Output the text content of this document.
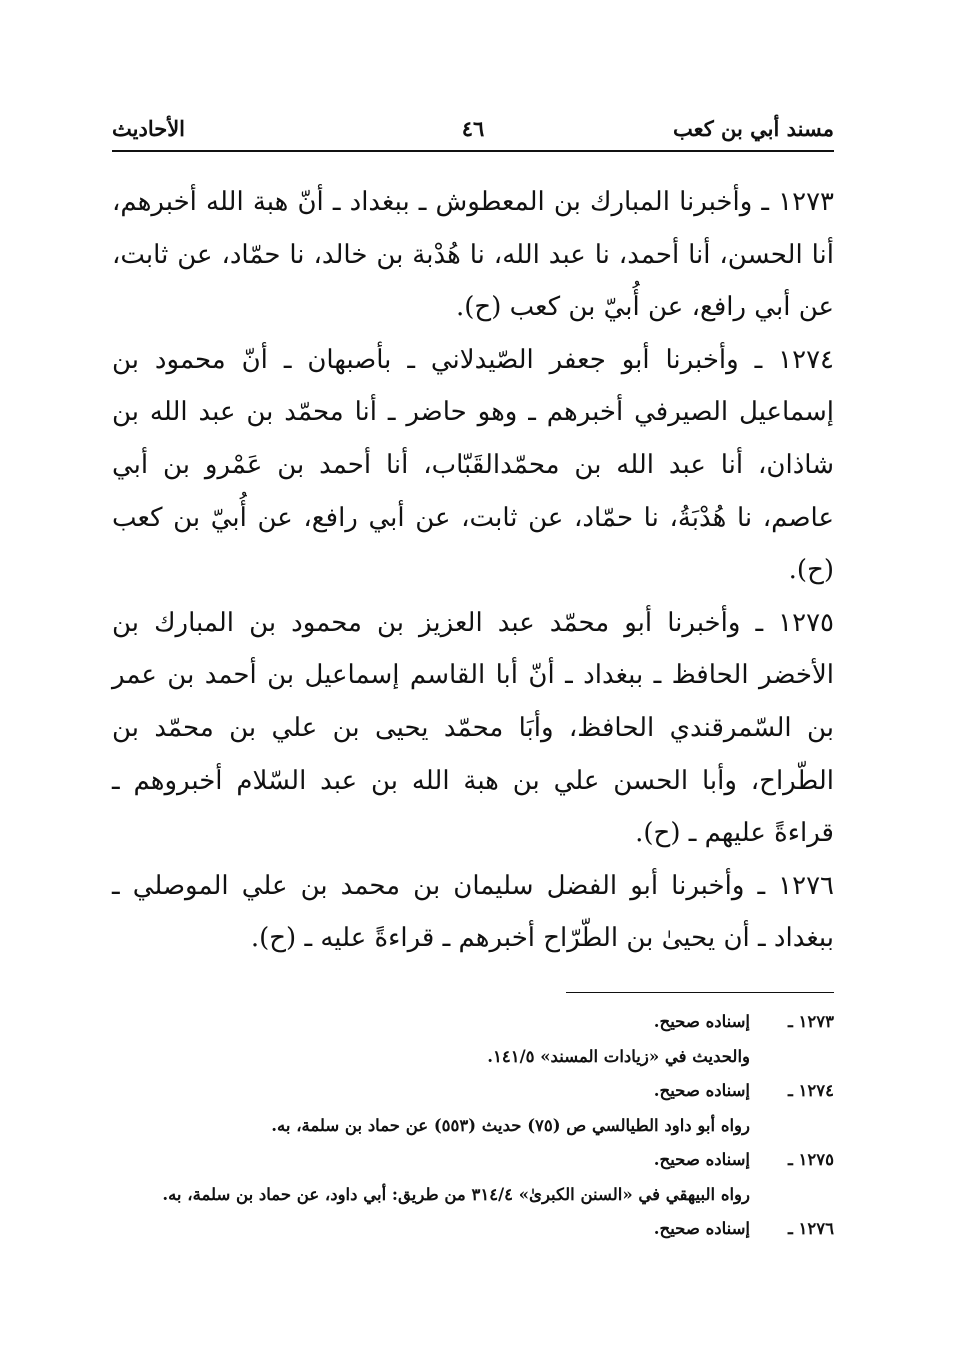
مسند أبي بن كعب
٤٦
الأحاديث

١٢٧٣ ـ وأخبرنا المبارك بن المعطوش ـ ببغداد ـ أنّ هبة الله أخبرهم، أنا الحسن، أنا أحمد، نا عبد الله، نا هُدْبة بن خالد، نا حمّاد، عن ثابت، عن أبي رافع، عن أُبيّ بن كعب (ح).

١٢٧٤ ـ وأخبرنا أبو جعفر الصّيدلاني ـ بأصبهان ـ أنّ محمود بن إسماعيل الصيرفي أخبرهم ـ وهو حاضر ـ أنا محمّد بن عبد الله بن شاذان، أنا عبد الله بن محمّدالقَبّاب، أنا أحمد بن عَمْرو بن أبي عاصم، نا هُدْبَةُ، نا حمّاد، عن ثابت، عن أبي رافع، عن أُبيّ بن كعب (ح).

١٢٧٥ ـ وأخبرنا أبو محمّد عبد العزيز بن محمود بن المبارك بن الأخضر الحافظ ـ ببغداد ـ أنّ أبا القاسم إسماعيل بن أحمد بن عمر بن السّمرقندي الحافظ، وأبَا محمّد يحيى بن علي بن محمّد بن الطّراح، وأبا الحسن علي بن هبة الله بن عبد السّلام أخبروهم ـ قراءةً عليهم ـ (ح).

١٢٧٦ ـ وأخبرنا أبو الفضل سليمان بن محمد بن علي الموصلي ـ ببغداد ـ أن يحيىٰ بن الطّرّاح أخبرهم ـ قراءةً عليه ـ (ح).

١٢٧٣ ـإسناده صحيح.
والحديث في «زيادات المسند» ١٤١/٥.
١٢٧٤ ـإسناده صحيح.
رواه أبو داود الطيالسي ص (٧٥) حديث (٥٥٣) عن حماد بن سلمة، به.
١٢٧٥ ـإسناده صحيح.
رواه البيهقي في «السنن الكبرىٰ» ٣١٤/٤ من طريق: أبي داود، عن حماد بن سلمة، به.
١٢٧٦ ـإسناده صحيح.
